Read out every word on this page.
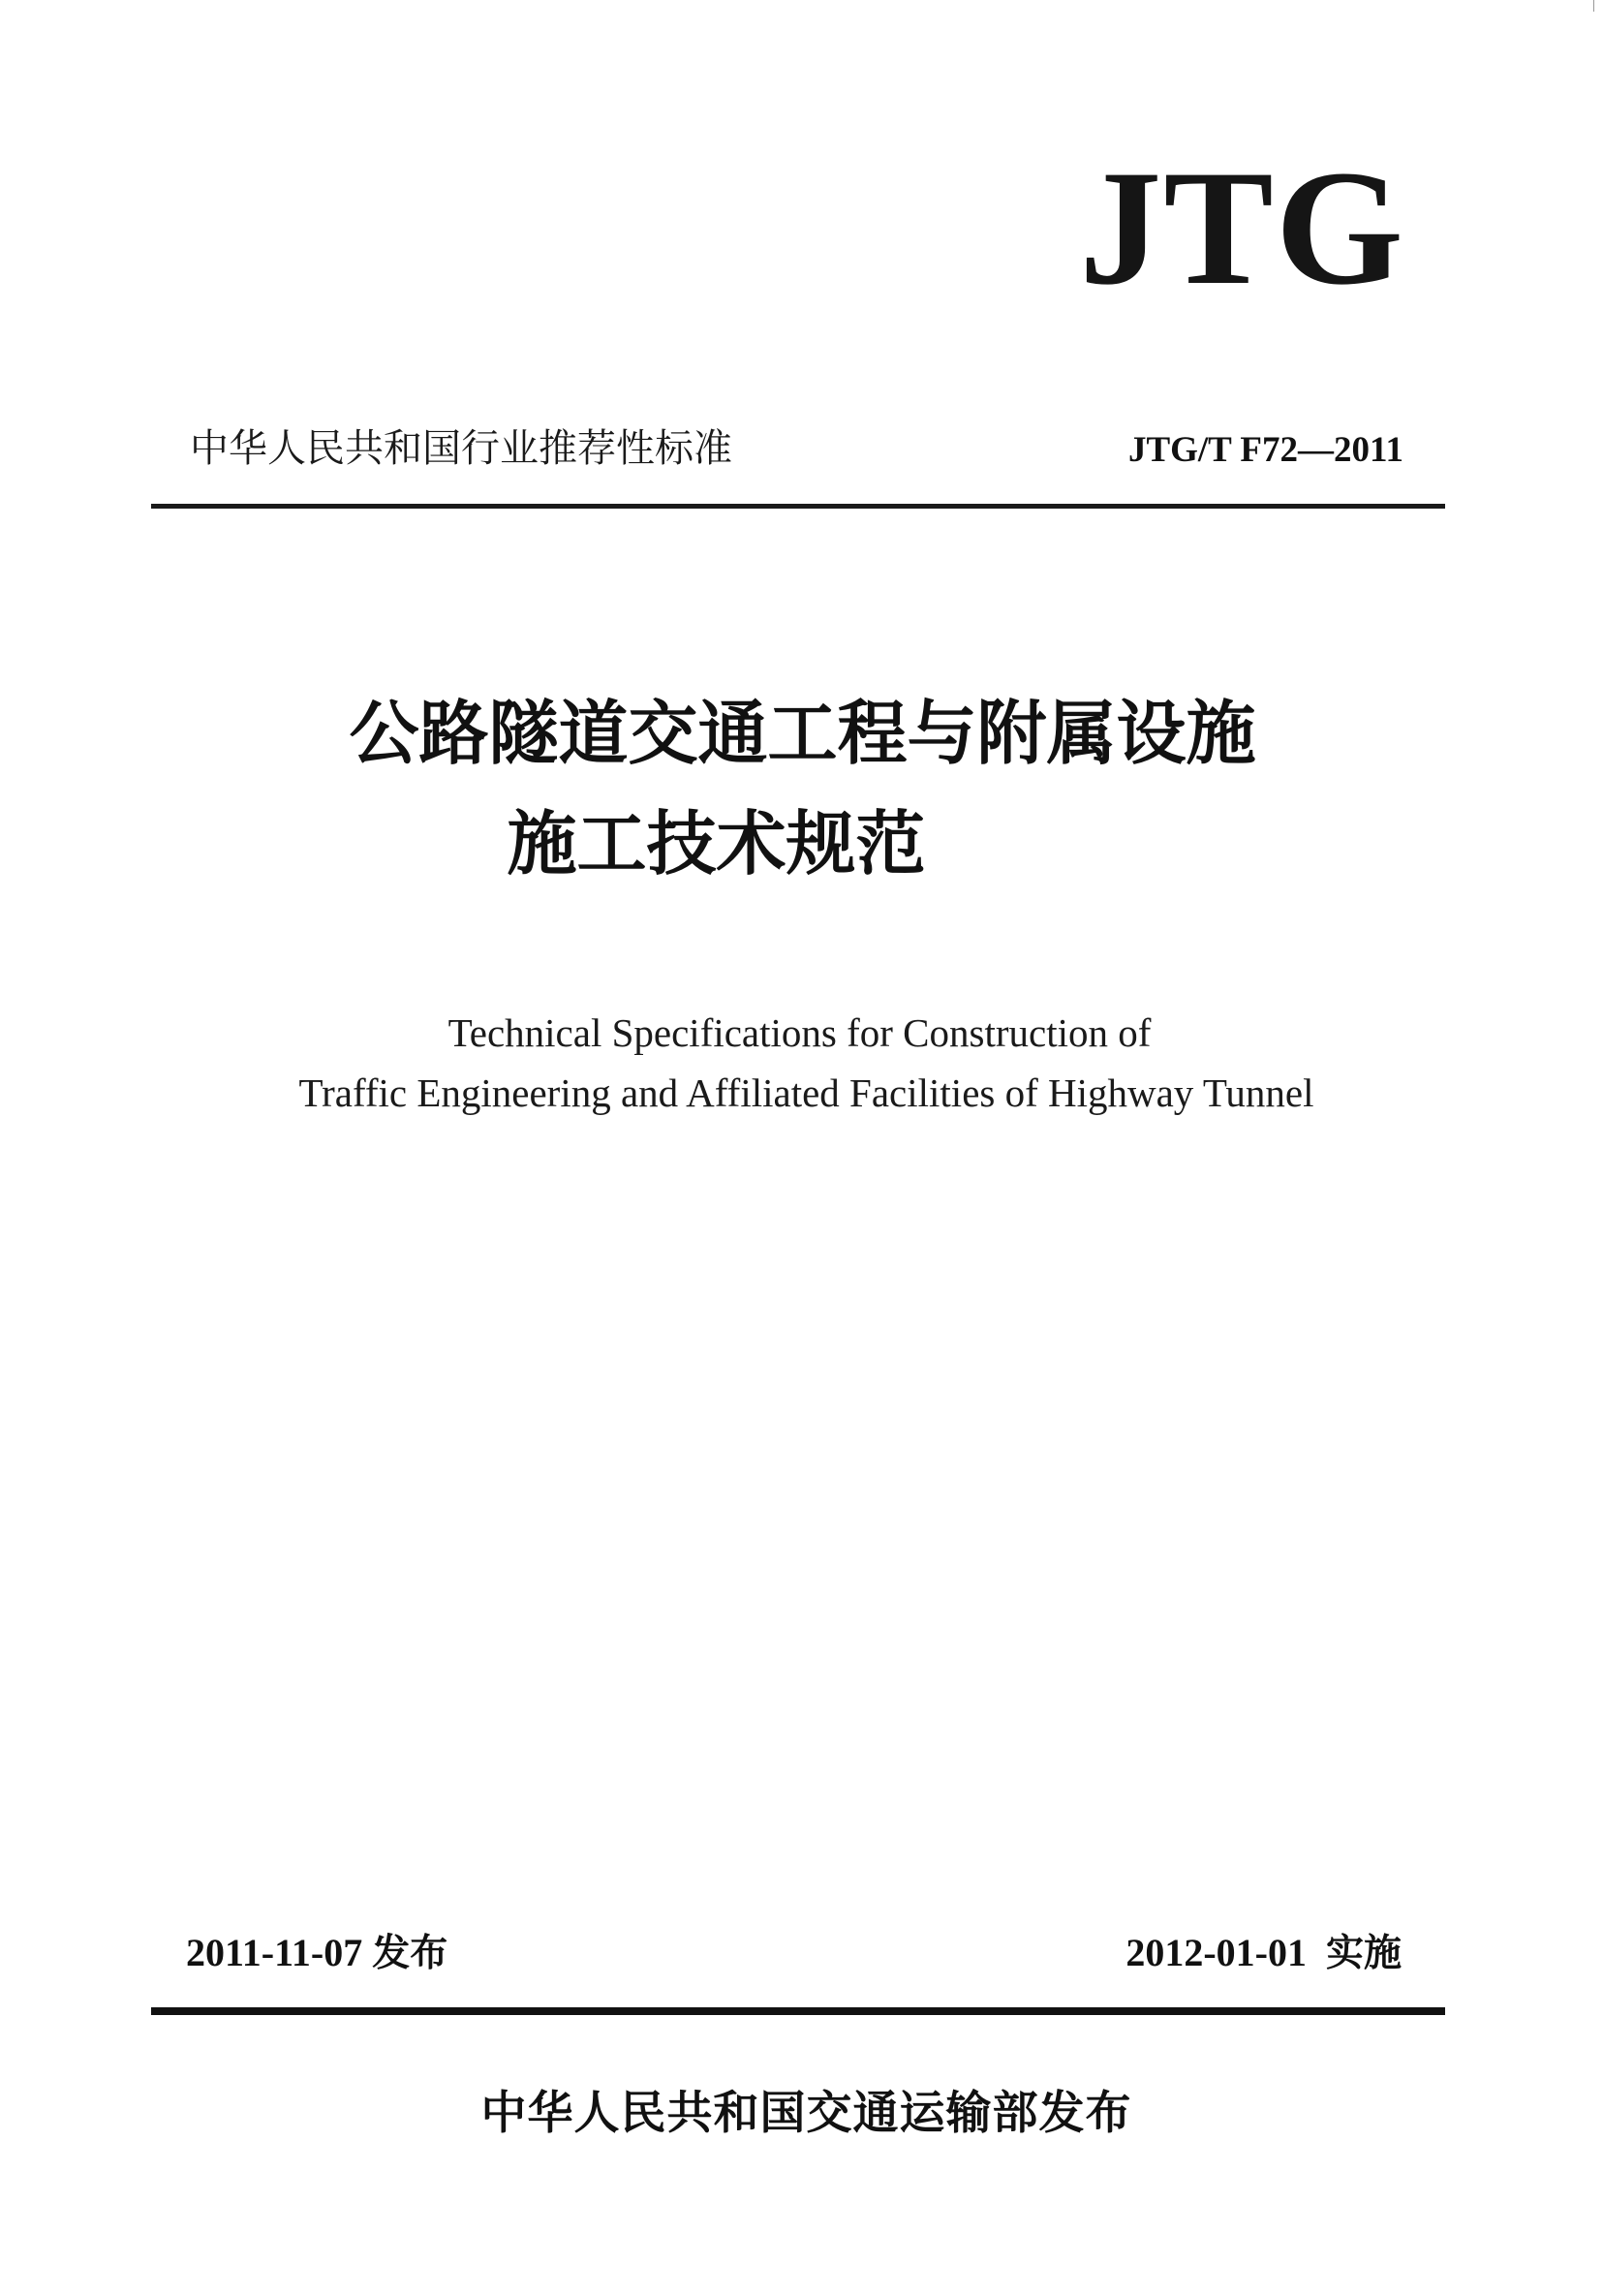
JTG
中华人民共和国行业推荐性标准	JTG/T F72—2011
公路隧道交通工程与附属设施
施工技术规范
Technical Specifications for Construction of
Traffic Engineering and Affiliated Facilities of Highway Tunnel
2011-11-07 发布	2012-01-01 实施
中华人民共和国交通运输部发布
